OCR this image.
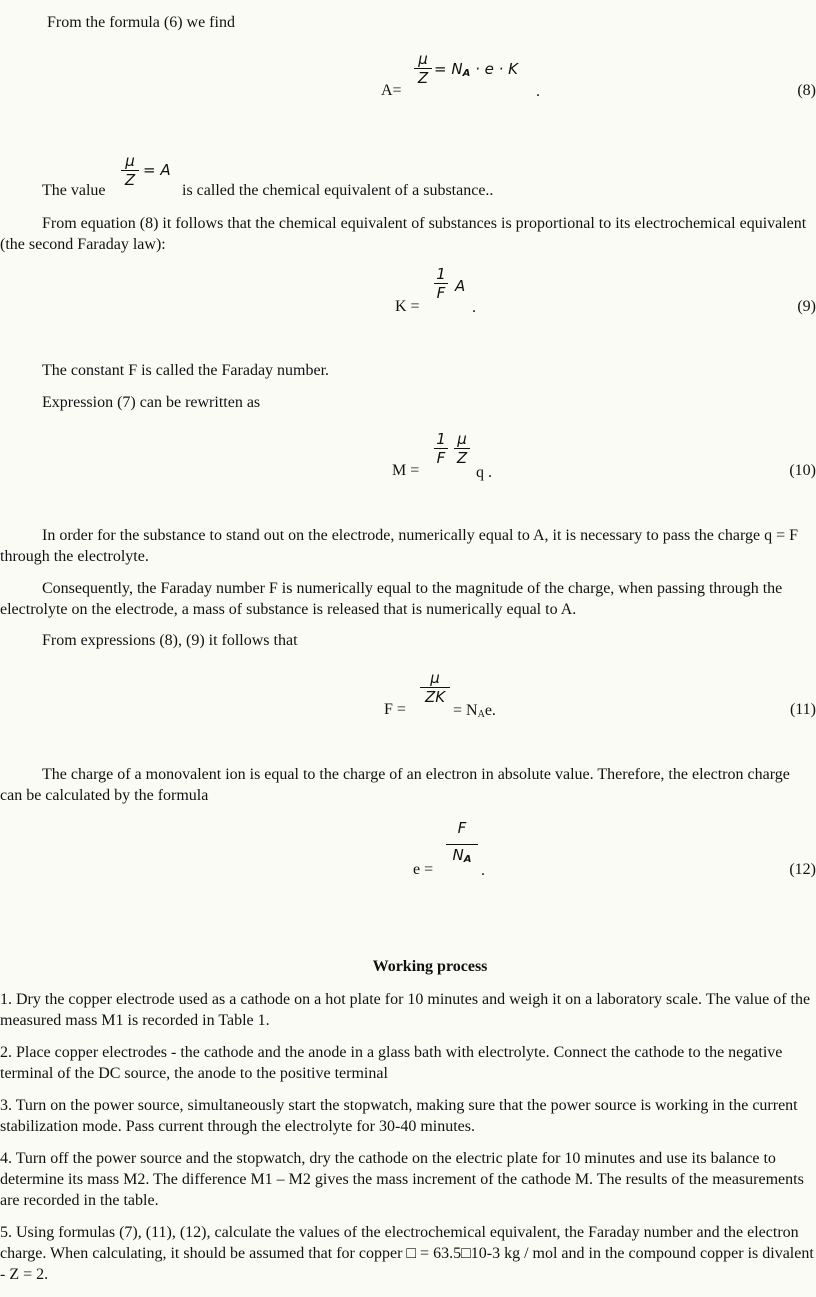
From the formula (6) we find
A=
$\frac{\mu}{Z} = N_A \cdot e \cdot K$
.	(8)
The value
$\frac{\mu}{Z} = A$
is called the chemical equivalent of a substance..
From equation (8) it follows that the chemical equivalent of substances is proportional to its electrochemical equivalent (the second Faraday law):
K =
$\frac{1}{F}$ A
.	(9)
The constant F is called the Faraday number.
Expression (7) can be rewritten as
M =
$\frac{1}{F} \frac{\mu}{Z}$
q .	(10)
In order for the substance to stand out on the electrode, numerically equal to A, it is necessary to pass the charge q = F through the electrolyte.
Consequently, the Faraday number F is numerically equal to the magnitude of the charge, when passing through the electrolyte on the electrode, a mass of substance is released that is numerically equal to A.
From expressions (8), (9) it follows that
F =
$\frac{\mu}{ZK}$
= $N_Ae$.	(11)
The charge of a monovalent ion is equal to the charge of an electron in absolute value. Therefore, the electron charge can be calculated by the formula
e =
$\frac{F}{N_A}$
.	(12)
Working process
1. Dry the copper electrode used as a cathode on a hot plate for 10 minutes and weigh it on a laboratory scale. The value of the measured mass M1 is recorded in Table 1.
2. Place copper electrodes - the cathode and the anode in a glass bath with electrolyte. Connect the cathode to the negative terminal of the DC source, the anode to the positive terminal
3. Turn on the power source, simultaneously start the stopwatch, making sure that the power source is working in the current stabilization mode. Pass current through the electrolyte for 30-40 minutes.
4. Turn off the power source and the stopwatch, dry the cathode on the electric plate for 10 minutes and use its balance to determine its mass M2. The difference M1 – M2 gives the mass increment of the cathode M. The results of the measurements are recorded in the table.
5. Using formulas (7), (11), (12), calculate the values of the electrochemical equivalent, the Faraday number and the electron charge. When calculating, it should be assumed that for copper □ = 63.5□10-3 kg / mol and in the compound copper is divalent - Z = 2.
